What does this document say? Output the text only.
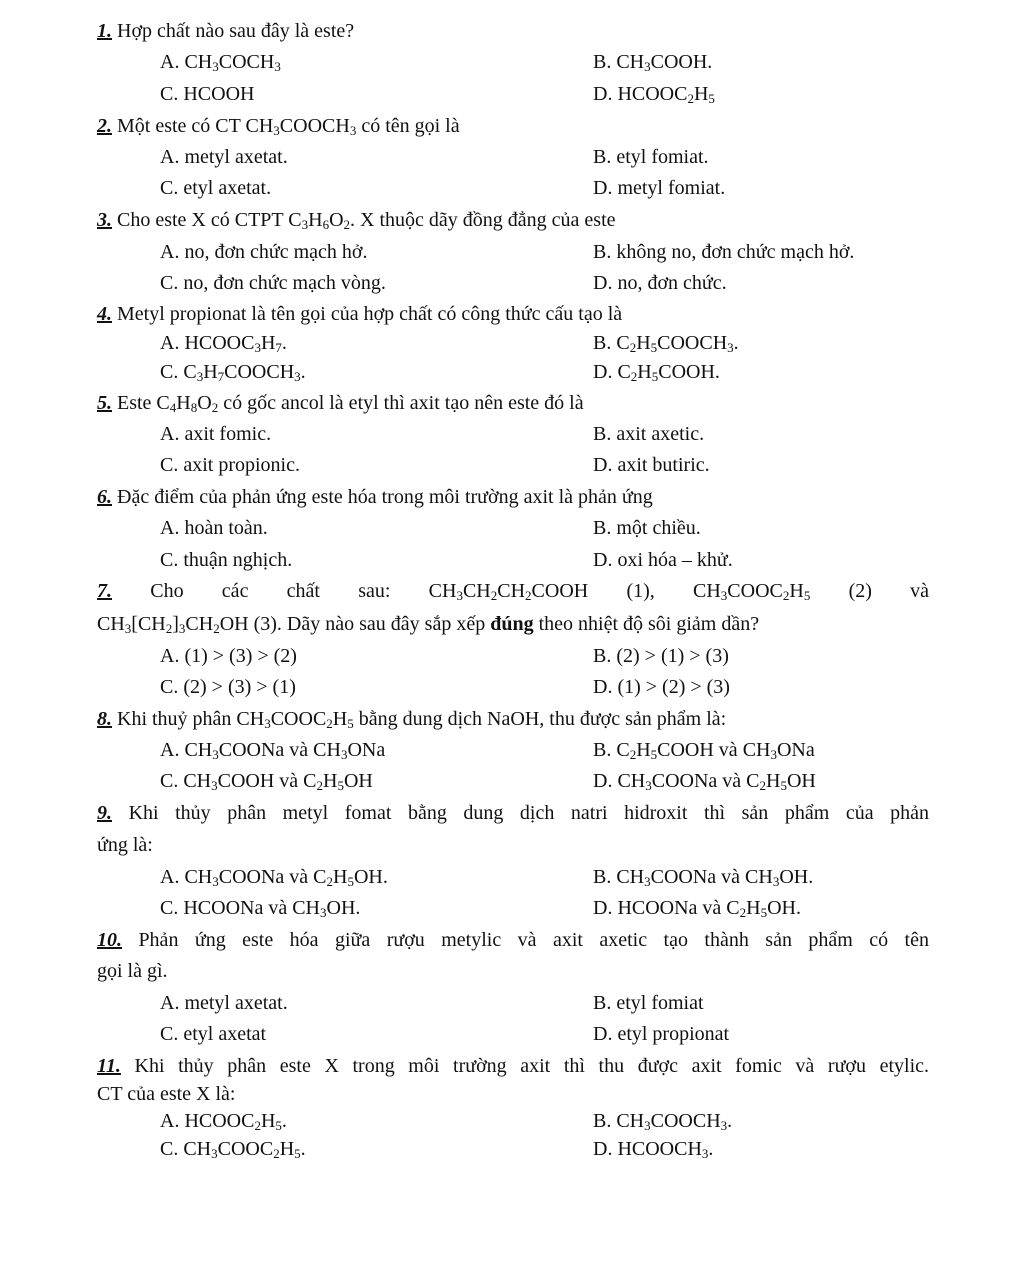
1. Hợp chất nào sau đây là este?
A. $CH_3COCH_3$	B. $CH_3COOH$.
C. HCOOH	D. $HCOOC_2H_5$
2. Một este có CT $CH_3COOCH_3$ có tên gọi là
A. metyl axetat.	B. etyl fomiat.
C. etyl axetat.	D. metyl fomiat.
3. Cho este X có CTPT $C_3H_6O_2$. X thuộc dãy đồng đẳng của este
A. no, đơn chức mạch hở.	B. không no, đơn chức mạch hở.
C. no, đơn chức mạch vòng.	D. no, đơn chức.
4. Metyl propionat là tên gọi của hợp chất có công thức cấu tạo là
A. $HCOOC_3H_7$.	B. $C_2H_5COOCH_3$.
C. $C_3H_7COOCH_3$.	D. $C_2H_5COOH$.
5. Este $C_4H_8O_2$ có gốc ancol là etyl thì axit tạo nên este đó là
A. axit fomic.	B. axit axetic.
C. axit propionic.	D. axit butiric.
6. Đặc điểm của phản ứng este hóa trong môi trường axit là phản ứng
A. hoàn toàn.	B. một chiều.
C. thuận nghịch.	D. oxi hóa – khử.
7. Cho các chất sau: $CH_3CH_2CH_2COOH$ (1), $CH_3COOC_2H_5$ (2) và
$CH_3[CH_2]_3CH_2OH$ (3). Dãy nào sau đây sắp xếp đúng theo nhiệt độ sôi giảm dần?
A. (1) > (3) > (2)	B. (2) > (1) > (3)
C. (2) > (3) > (1)	D. (1) > (2) > (3)
8. Khi thuỷ phân $CH_3COOC_2H_5$ bằng dung dịch NaOH, thu được sản phẩm là:
A. $CH_3COONa$ và $CH_3ONa$	B. $C_2H_5COOH$ và $CH_3ONa$
C. $CH_3COOH$ và $C_2H_5OH$	D. $CH_3COONa$ và $C_2H_5OH$
9. Khi thủy phân metyl fomat bằng dung dịch natri hidroxit thì sản phẩm của phản
ứng là:
A. $CH_3COONa$ và $C_2H_5OH$.	B. $CH_3COONa$ và $CH_3OH$.
C. HCOONa và $CH_3OH$.	D. HCOONa và $C_2H_5OH$.
10. Phản ứng este hóa giữa rượu metylic và axit axetic tạo thành sản phẩm có tên
gọi là gì.
A. metyl axetat.	B. etyl fomiat
C. etyl axetat	D. etyl propionat
11. Khi thủy phân este X trong môi trường axit thì thu được axit fomic và rượu etylic.
CT của este X là:
A. $HCOOC_2H_5$.	B. $CH_3COOCH_3$.
C. $CH_3COOC_2H_5$.	D. $HCOOCH_3$.
